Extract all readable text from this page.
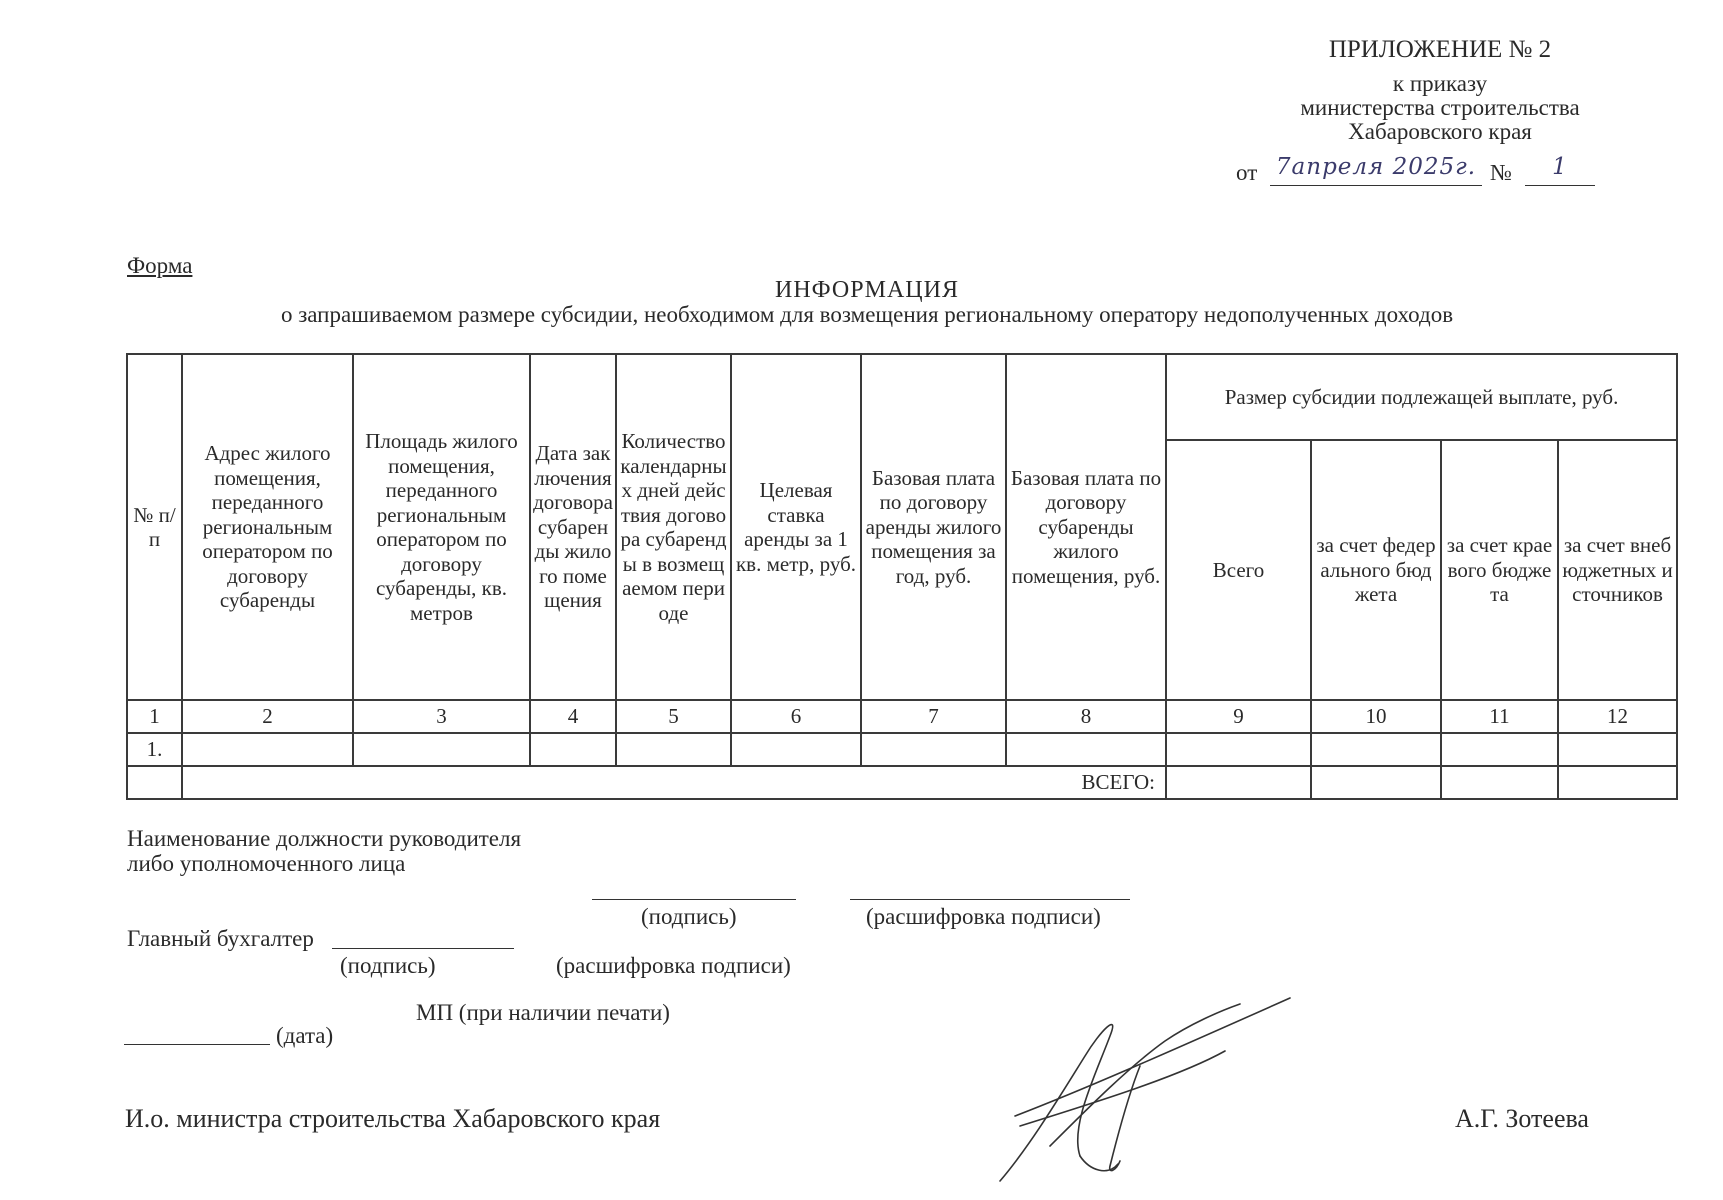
ПРИЛОЖЕНИЕ № 2
к приказу
министерства строительства
Хабаровского края
от 7апреля 2025г. №	1
Форма
ИНФОРМАЦИЯ
о запрашиваемом размере субсидии, необходимом для возмещения региональному оператору недополученных доходов
№ п/п	Адрес жилого помещения, переданного региональным оператором по договору субаренды	Площадь жилого помещения, переданного региональным оператором по договору субаренды, кв. метров	Дата заключения договора субаренды жилого помещения	Количество календарных дней действия договора субаренды в возмещаемом периоде	Целевая ставка аренды за 1 кв. метр, руб.	Базовая плата по договору аренды жилого помещения за год, руб.	Базовая плата по договору субаренды жилого помещения, руб.	Размер субсидии подлежащей выплате, руб.			
								Всего	за счет федерального бюджета	за счет краевого бюджета	за счет внебюджетных источников
1	2	3	4	5	6	7	8	9	10	11	12
1.											
	ВСЕГО:										
Наименование должности руководителя либо уполномоченного лица
(подпись)	(расшифровка подписи)
Главный бухгалтер
(подпись)	(расшифровка подписи)
МП (при наличии печати)
(дата)
И.о. министра строительства Хабаровского края	А.Г. Зотеева
